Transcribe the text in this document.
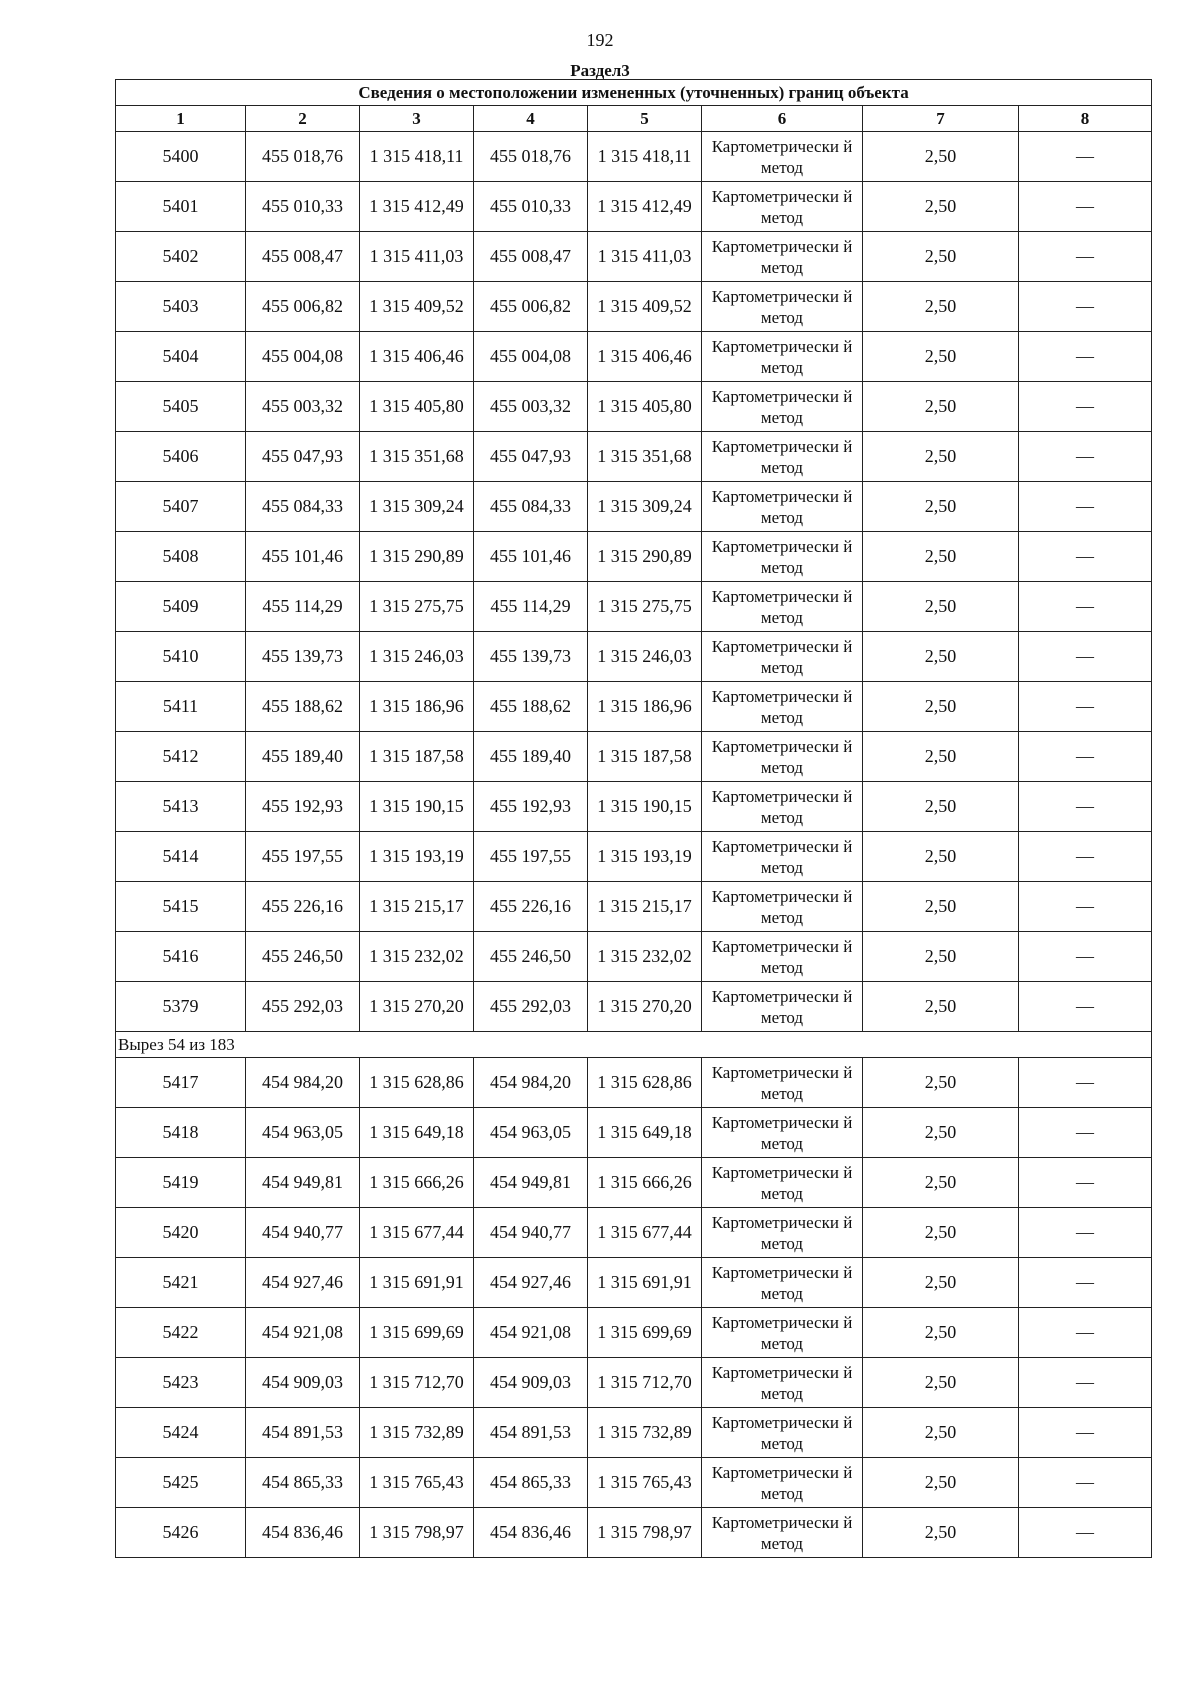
192
Раздел3
Сведения о местоположении измененных (уточненных) границ объекта							
1	2	3	4	5	6	7	8
5400	455 018,76	1 315 418,11	455 018,76	1 315 418,11	Картометрически й метод	2,50	—
5401	455 010,33	1 315 412,49	455 010,33	1 315 412,49	Картометрически й метод	2,50	—
5402	455 008,47	1 315 411,03	455 008,47	1 315 411,03	Картометрически й метод	2,50	—
5403	455 006,82	1 315 409,52	455 006,82	1 315 409,52	Картометрически й метод	2,50	—
5404	455 004,08	1 315 406,46	455 004,08	1 315 406,46	Картометрически й метод	2,50	—
5405	455 003,32	1 315 405,80	455 003,32	1 315 405,80	Картометрически й метод	2,50	—
5406	455 047,93	1 315 351,68	455 047,93	1 315 351,68	Картометрически й метод	2,50	—
5407	455 084,33	1 315 309,24	455 084,33	1 315 309,24	Картометрически й метод	2,50	—
5408	455 101,46	1 315 290,89	455 101,46	1 315 290,89	Картометрически й метод	2,50	—
5409	455 114,29	1 315 275,75	455 114,29	1 315 275,75	Картометрически й метод	2,50	—
5410	455 139,73	1 315 246,03	455 139,73	1 315 246,03	Картометрически й метод	2,50	—
5411	455 188,62	1 315 186,96	455 188,62	1 315 186,96	Картометрически й метод	2,50	—
5412	455 189,40	1 315 187,58	455 189,40	1 315 187,58	Картометрически й метод	2,50	—
5413	455 192,93	1 315 190,15	455 192,93	1 315 190,15	Картометрически й метод	2,50	—
5414	455 197,55	1 315 193,19	455 197,55	1 315 193,19	Картометрически й метод	2,50	—
5415	455 226,16	1 315 215,17	455 226,16	1 315 215,17	Картометрически й метод	2,50	—
5416	455 246,50	1 315 232,02	455 246,50	1 315 232,02	Картометрически й метод	2,50	—
5379	455 292,03	1 315 270,20	455 292,03	1 315 270,20	Картометрически й метод	2,50	—
Вырез 54 из 183							
5417	454 984,20	1 315 628,86	454 984,20	1 315 628,86	Картометрически й метод	2,50	—
5418	454 963,05	1 315 649,18	454 963,05	1 315 649,18	Картометрически й метод	2,50	—
5419	454 949,81	1 315 666,26	454 949,81	1 315 666,26	Картометрически й метод	2,50	—
5420	454 940,77	1 315 677,44	454 940,77	1 315 677,44	Картометрически й метод	2,50	—
5421	454 927,46	1 315 691,91	454 927,46	1 315 691,91	Картометрически й метод	2,50	—
5422	454 921,08	1 315 699,69	454 921,08	1 315 699,69	Картометрически й метод	2,50	—
5423	454 909,03	1 315 712,70	454 909,03	1 315 712,70	Картометрически й метод	2,50	—
5424	454 891,53	1 315 732,89	454 891,53	1 315 732,89	Картометрически й метод	2,50	—
5425	454 865,33	1 315 765,43	454 865,33	1 315 765,43	Картометрически й метод	2,50	—
5426	454 836,46	1 315 798,97	454 836,46	1 315 798,97	Картометрически й метод	2,50	—
